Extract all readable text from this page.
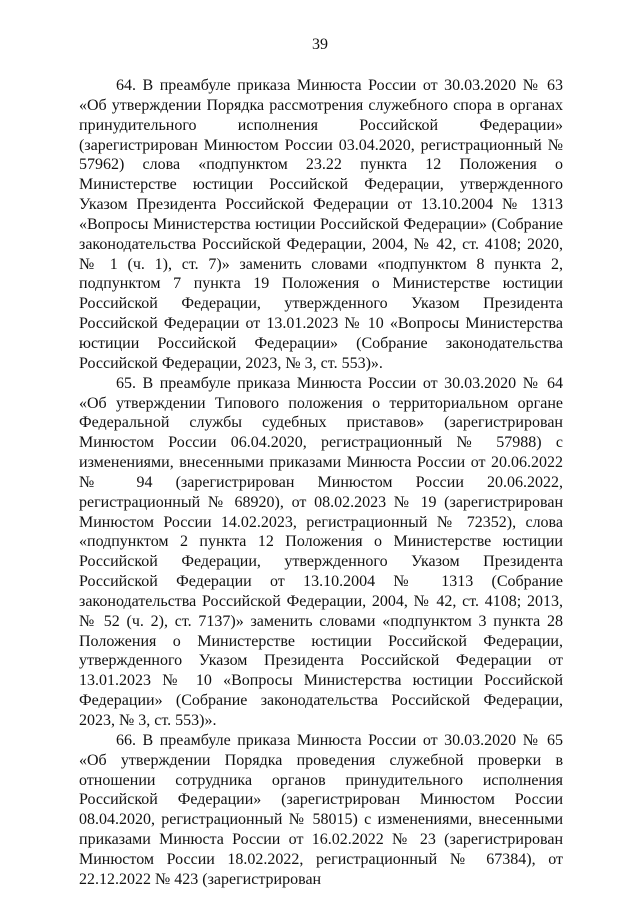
39

64. В преамбуле приказа Минюста России от 30.03.2020 № 63 «Об утверждении Порядка рассмотрения служебного спора в органах принудительного исполнения Российской Федерации» (зарегистрирован Минюстом России 03.04.2020, регистрационный № 57962) слова «подпунктом 23.22 пункта 12 Положения о Министерстве юстиции Российской Федерации, утвержденного Указом Президента Российской Федерации от 13.10.2004 № 1313 «Вопросы Министерства юстиции Российской Федерации» (Собрание законодательства Российской Федерации, 2004, № 42, ст. 4108; 2020, № 1 (ч. 1), ст. 7)» заменить словами «подпунктом 8 пункта 2, подпунктом 7 пункта 19 Положения о Министерстве юстиции Российской Федерации, утвержденного Указом Президента Российской Федерации от 13.01.2023 № 10 «Вопросы Министерства юстиции Российской Федерации» (Собрание законодательства Российской Федерации, 2023, № 3, ст. 553)».

65. В преамбуле приказа Минюста России от 30.03.2020 № 64 «Об утверждении Типового положения о территориальном органе Федеральной службы судебных приставов» (зарегистрирован Минюстом России 06.04.2020, регистрационный № 57988) с изменениями, внесенными приказами Минюста России от 20.06.2022 № 94 (зарегистрирован Минюстом России 20.06.2022, регистрационный № 68920), от 08.02.2023 № 19 (зарегистрирован Минюстом России 14.02.2023, регистрационный № 72352), слова «подпунктом 2 пункта 12 Положения о Министерстве юстиции Российской Федерации, утвержденного Указом Президента Российской Федерации от 13.10.2004 № 1313 (Собрание законодательства Российской Федерации, 2004, № 42, ст. 4108; 2013, № 52 (ч. 2), ст. 7137)» заменить словами «подпунктом 3 пункта 28 Положения о Министерстве юстиции Российской Федерации, утвержденного Указом Президента Российской Федерации от 13.01.2023 № 10 «Вопросы Министерства юстиции Российской Федерации» (Собрание законодательства Российской Федерации, 2023, № 3, ст. 553)».

66. В преамбуле приказа Минюста России от 30.03.2020 № 65 «Об утверждении Порядка проведения служебной проверки в отношении сотрудника органов принудительного исполнения Российской Федерации» (зарегистрирован Минюстом России 08.04.2020, регистрационный № 58015) с изменениями, внесенными приказами Минюста России от 16.02.2022 № 23 (зарегистрирован Минюстом России 18.02.2022, регистрационный № 67384), от 22.12.2022 № 423 (зарегистрирован
